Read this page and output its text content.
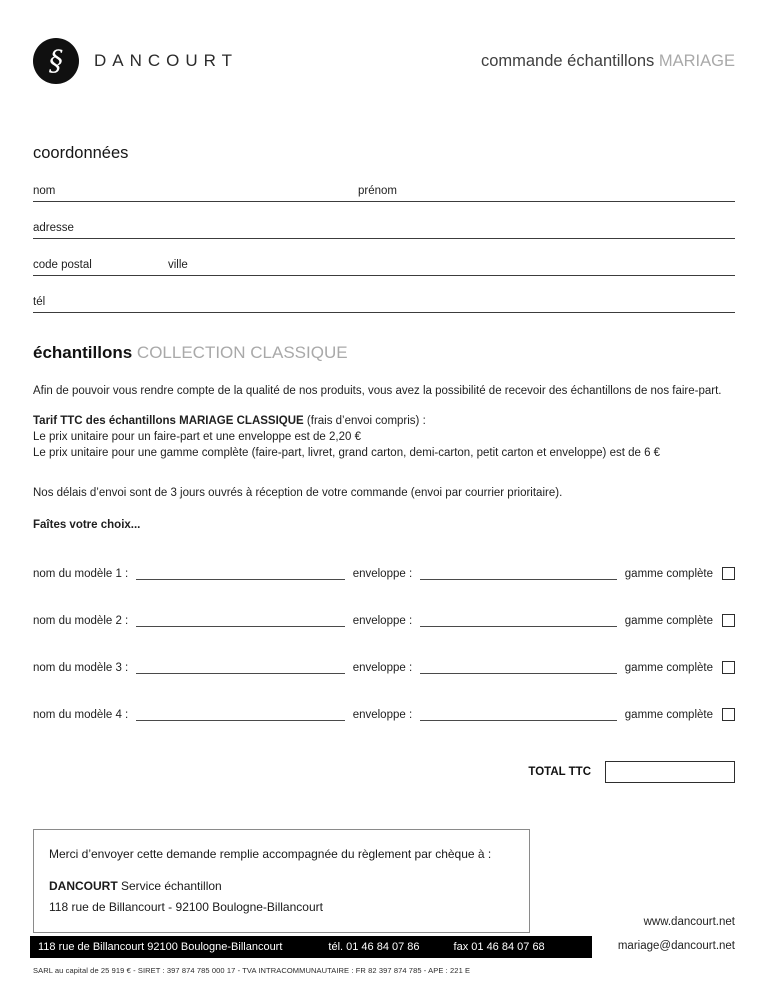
§ DANCOURT	commande échantillons MARIAGE
coordonnées
nom	prénom
adresse
code postal	ville
tél
échantillons COLLECTION CLASSIQUE

Afin de pouvoir vous rendre compte de la qualité de nos produits, vous avez la possibilité de recevoir des échantillons de nos faire-part.

Tarif TTC des échantillons MARIAGE CLASSIQUE (frais d’envoi compris) :
Le prix unitaire pour un faire-part et une enveloppe est de 2,20 €
Le prix unitaire pour une gamme complète (faire-part, livret, grand carton, demi-carton, petit carton et enveloppe) est de 6 €

Nos délais d’envoi sont de 3 jours ouvrés à réception de votre commande (envoi par courrier prioritaire).

Faîtes votre choix...

nom du modèle 1 :	enveloppe :	gamme complète
nom du modèle 2 :	enveloppe :	gamme complète
nom du modèle 3 :	enveloppe :	gamme complète
nom du modèle 4 :	enveloppe :	gamme complète
TOTAL TTC
Merci d’envoyer cette demande remplie accompagnée du règlement par chèque à :
DANCOURT Service échantillon
118 rue de Billancourt - 92100 Boulogne-Billancourt
www.dancourt.net
118 rue de Billancourt 92100 Boulogne-Billancourt	tél. 01 46 84 07 86	fax 01 46 84 07 68	mariage@dancourt.net
SARL au capital de 25 919 € - SIRET : 397 874 785 000 17 - TVA INTRACOMMUNAUTAIRE : FR 82 397 874 785 - APE : 221 E
